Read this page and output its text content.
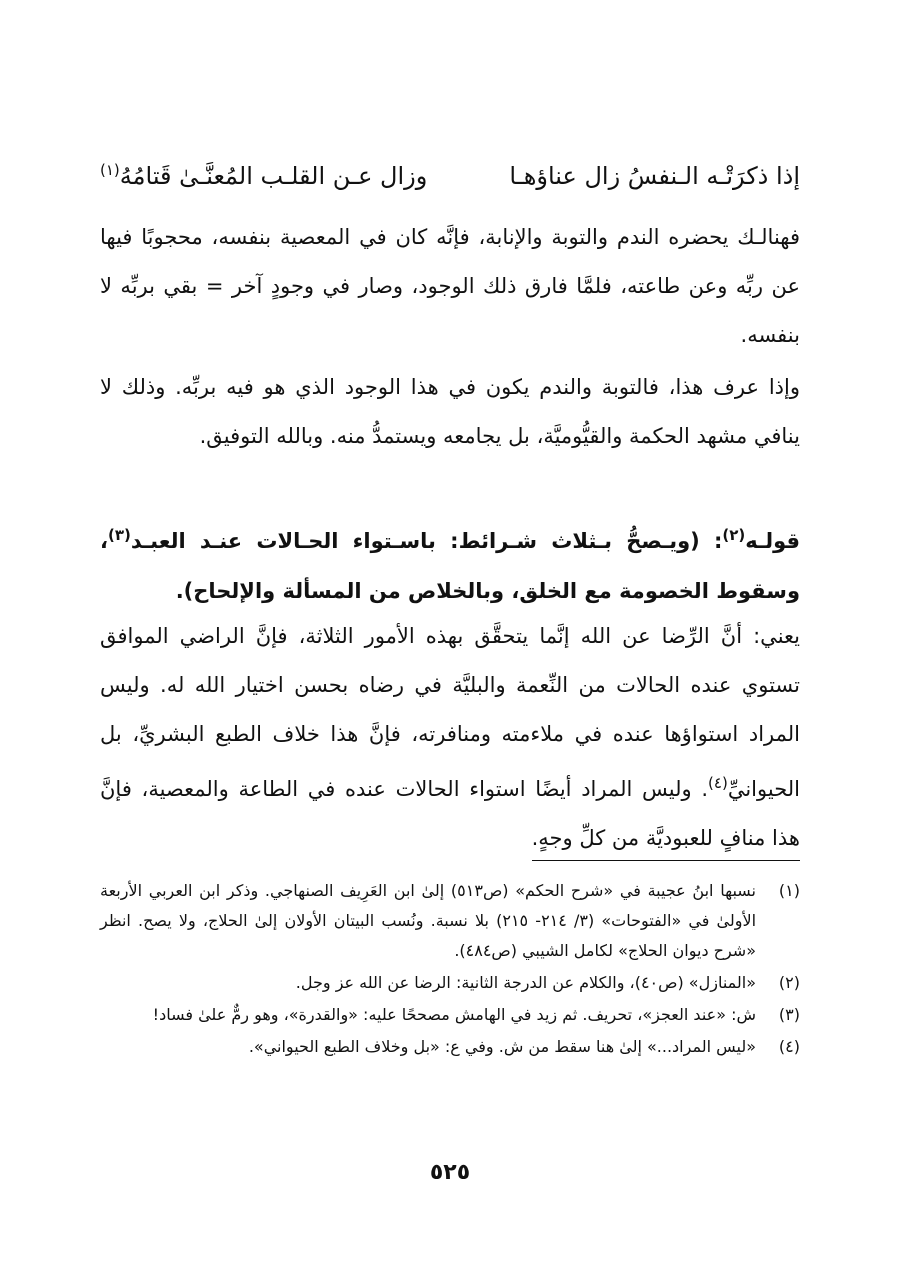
إذا ذكرَتْـه الـنفسُ زال عناؤهـا
وزال عـن القلـب المُعنَّـىٰ قَتامُهُ$^{(١)}$

فهنالـك يحضره الندم والتوبة والإنابة، فإنَّه كان في المعصية بنفسه، محجوبًا فيها عن ربِّه وعن طاعته، فلمَّا فارق ذلك الوجود، وصار في وجودٍ آخر = بقي بربِّه لا بنفسه.

وإذا عرف هذا، فالتوبة والندم يكون في هذا الوجود الذي هو فيه بربِّه. وذلك لا ينافي مشهد الحكمة والقيُّوميَّة، بل يجامعه ويستمدُّ منه. وبالله التوفيق.

قولـه$^{(٢)}$: (ويـصحُّ بـثلاث شـرائط: باسـتواء الحـالات عنـد العبـد$^{(٣)}$، وسقوط الخصومة مع الخلق، وبالخلاص من المسألة والإلحاح).

يعني: أنَّ الرِّضا عن الله إنَّما يتحقَّق بهذه الأمور الثلاثة، فإنَّ الراضي الموافق تستوي عنده الحالات من النِّعمة والبليَّة في رضاه بحسن اختيار الله له. وليس المراد استواؤها عنده في ملاءمته ومنافرته، فإنَّ هذا خلاف الطبع البشريِّ، بل الحيوانيِّ$^{(٤)}$. وليس المراد أيضًا استواء الحالات عنده في الطاعة والمعصية، فإنَّ هذا منافٍ للعبوديَّة من كلِّ وجهٍ.

(١)
نسبها ابنُ عجيبة في «شرح الحكم» (ص٥١٣) إلىٰ ابن العَرِيف الصنهاجي. وذكر ابن العربي الأربعة الأولىٰ في «الفتوحات» (٣/ ٢١٤- ٢١٥) بلا نسبة. ونُسب البيتان الأولان إلىٰ الحلاج، ولا يصح. انظر «شرح ديوان الحلاج» لكامل الشيبي (ص٤٨٤).
(٢)
«المنازل» (ص٤٠)، والكلام عن الدرجة الثانية: الرضا عن الله عز وجل.
(٣)
ش: «عند العجز»، تحريف. ثم زيد في الهامش مصححًا عليه: «والقدرة»، وهو رمٌّ علىٰ فساد!
(٤)
«ليس المراد...» إلىٰ هنا سقط من ش. وفي ع: «بل وخلاف الطبع الحيواني».
٥٢٥
